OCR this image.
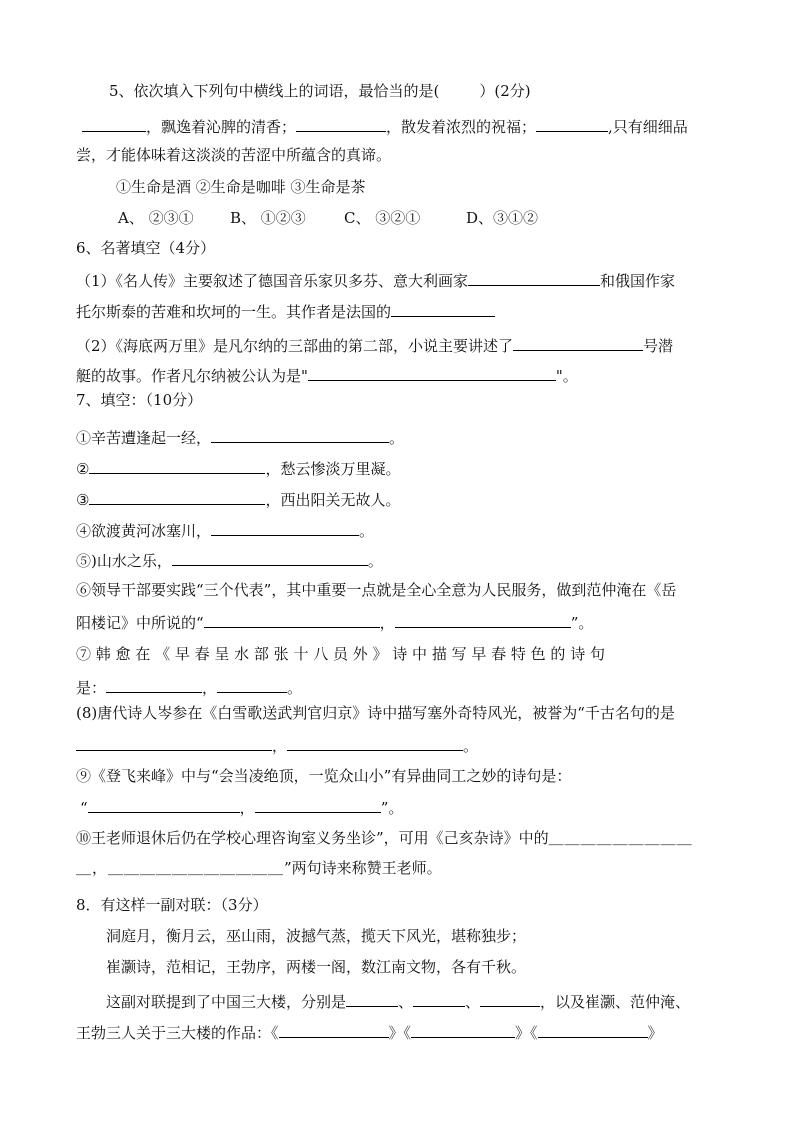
5、依次填入下列句中横线上的词语，最恰当的是(	）(2分)
，飘逸着沁脾的清香；	，散发着浓烈的祝福；	,只有细细品
尝，才能体味着这淡淡的苦涩中所蕴含的真谛。
①生命是酒 ②生命是咖啡 ③生命是茶
A、 ②③① B、 ①②③	C、 ③②①	D、③①②
6、名著填空（4分）
（1）《名人传》主要叙述了德国音乐家贝多芬、意大利画家	和俄国作家
托尔斯泰的苦难和坎坷的一生。其作者是法国的
（2）《海底两万里》是凡尔纳的三部曲的第二部，小说主要讲述了	号潜
艇的故事。作者凡尔纳被公认为是"	"。
7、填空：（10分）
①辛苦遭逢起一经，	。
②	，愁云惨淡万里凝。
③	，西出阳关无故人。
④欲渡黄河冰塞川，	。
⑤)山水之乐，	。
⑥领导干部要实践“三个代表”，其中重要一点就是全心全意为人民服务，做到范仲淹在《岳
阳楼记》中所说的“	，	”。
⑦ 韩 愈 在 《 早 春 呈 水 部 张 十 八 员 外 》 诗 中 描 写 早 春 特 色 的 诗 句
是：	，	。
(8)唐代诗人岑参在《白雪歌送武判官归京》诗中描写塞外奇特风光，被誉为“千古名句的是
，	。
⑨《登飞来峰》中与“会当凌绝顶，一览众山小”有异曲同工之妙的诗句是：
“	，	”。
⑩王老师退休后仍在学校心理咨询室义务坐诊”，可用《己亥杂诗》中的＿＿＿＿＿＿＿＿＿
＿，＿＿＿＿＿＿＿＿＿＿＿”两句诗来称赞王老师。
8．有这样一副对联：（3分）
洞庭月，衡月云，巫山雨，波撼气蒸，揽天下风光，堪称独步；
崔灏诗，范相记，王勃序，两楼一阁，数江南文物，各有千秋。
这副对联提到了中国三大楼，分别是	、	、	，以及崔灏、范仲淹、
王勃三人关于三大楼的作品：《	》《	》《	》
